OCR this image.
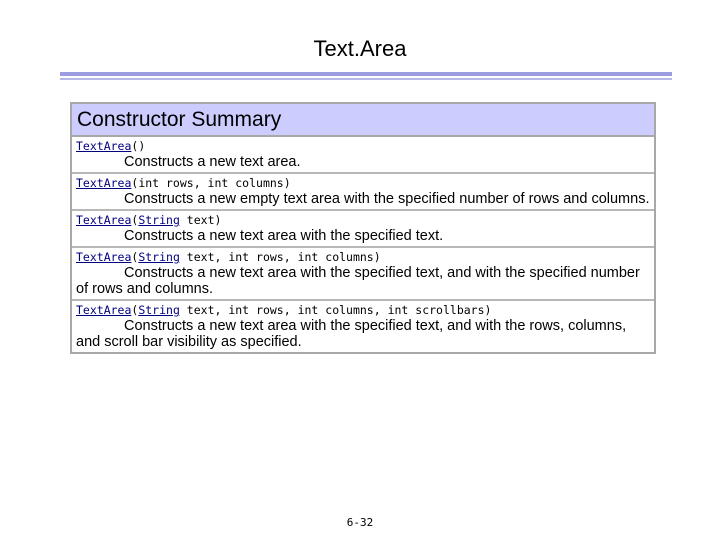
Text.Area
Constructor Summary
TextArea()
Constructs a new text area.
TextArea(int rows, int columns)
Constructs a new empty text area with the specified number of rows and columns.
TextArea(String text)
Constructs a new text area with the specified text.
TextArea(String text, int rows, int columns)
Constructs a new text area with the specified text, and with the specified number of rows and columns.
TextArea(String text, int rows, int columns, int scrollbars)
Constructs a new text area with the specified text, and with the rows, columns, and scroll bar visibility as specified.
6-32
